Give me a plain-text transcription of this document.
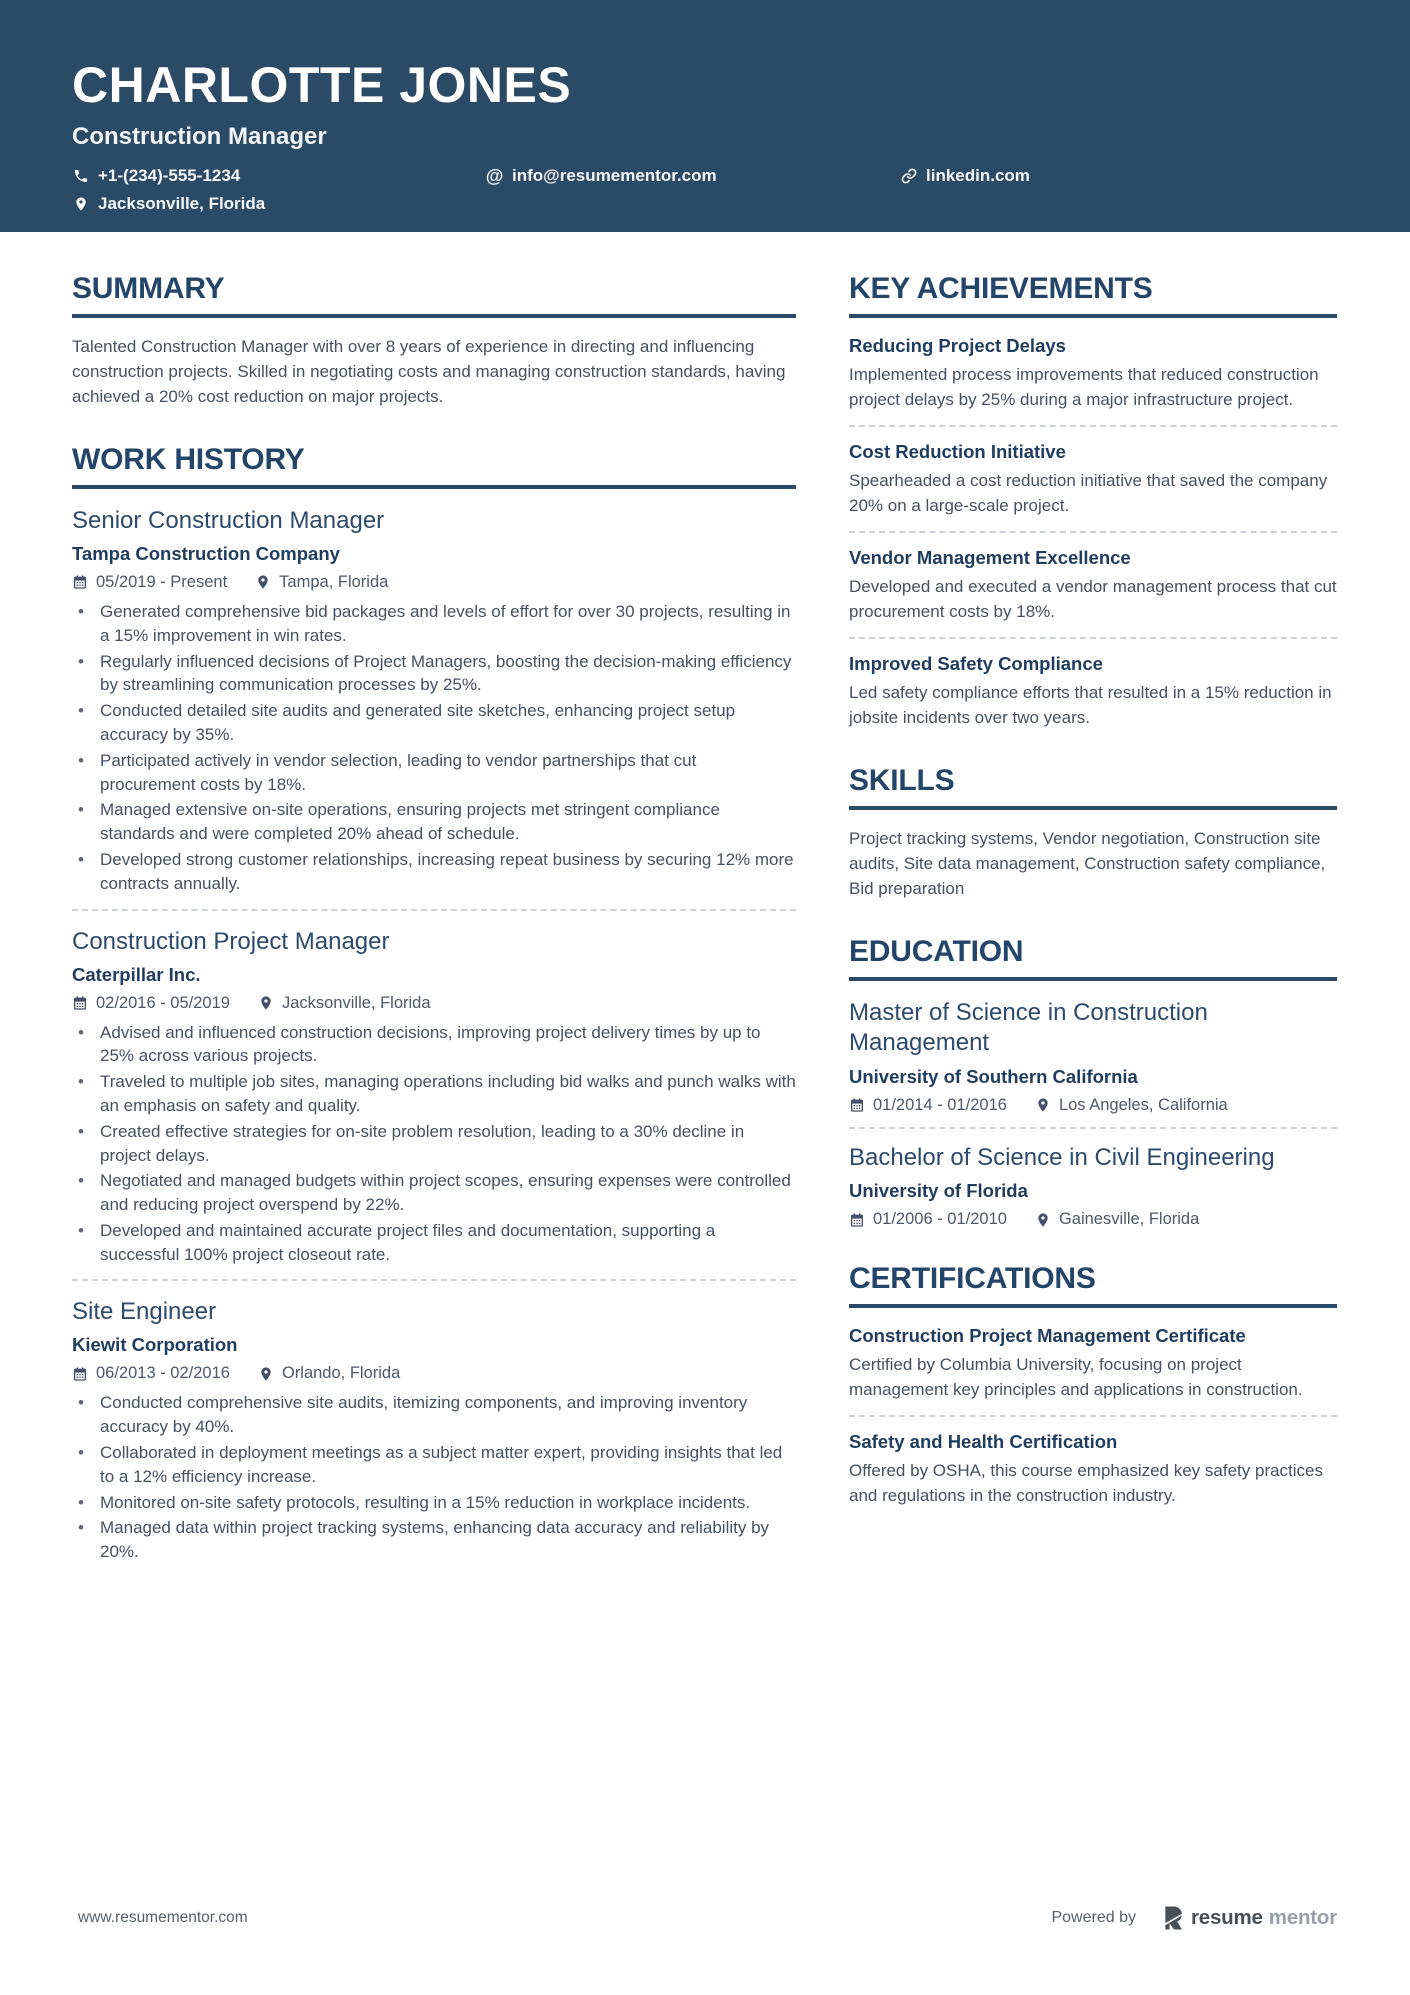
CHARLOTTE JONES
Construction Manager
+1-(234)-555-1234	@ info@resumementor.com	linkedin.com
Jacksonville, Florida
SUMMARY

Talented Construction Manager with over 8 years of experience in directing and influencing construction projects. Skilled in negotiating costs and managing construction standards, having achieved a 20% cost reduction on major projects.

WORK HISTORY
Senior Construction Manager
Tampa Construction Company
05/2019 - Present	Tampa, Florida
• Generated comprehensive bid packages and levels of effort for over 30 projects, resulting in a 15% improvement in win rates.
• Regularly influenced decisions of Project Managers, boosting the decision-making efficiency by streamlining communication processes by 25%.
• Conducted detailed site audits and generated site sketches, enhancing project setup accuracy by 35%.
• Participated actively in vendor selection, leading to vendor partnerships that cut procurement costs by 18%.
• Managed extensive on-site operations, ensuring projects met stringent compliance standards and were completed 20% ahead of schedule.
• Developed strong customer relationships, increasing repeat business by securing 12% more contracts annually.
Construction Project Manager
Caterpillar Inc.
02/2016 - 05/2019	Jacksonville, Florida
• Advised and influenced construction decisions, improving project delivery times by up to 25% across various projects.
• Traveled to multiple job sites, managing operations including bid walks and punch walks with an emphasis on safety and quality.
• Created effective strategies for on-site problem resolution, leading to a 30% decline in project delays.
• Negotiated and managed budgets within project scopes, ensuring expenses were controlled and reducing project overspend by 22%.
• Developed and maintained accurate project files and documentation, supporting a successful 100% project closeout rate.
Site Engineer
Kiewit Corporation
06/2013 - 02/2016	Orlando, Florida
• Conducted comprehensive site audits, itemizing components, and improving inventory accuracy by 40%.
• Collaborated in deployment meetings as a subject matter expert, providing insights that led to a 12% efficiency increase.
• Monitored on-site safety protocols, resulting in a 15% reduction in workplace incidents.
• Managed data within project tracking systems, enhancing data accuracy and reliability by 20%.
KEY ACHIEVEMENTS
Reducing Project Delays

Implemented process improvements that reduced construction project delays by 25% during a major infrastructure project.

Cost Reduction Initiative

Spearheaded a cost reduction initiative that saved the company 20% on a large-scale project.

Vendor Management Excellence

Developed and executed a vendor management process that cut procurement costs by 18%.

Improved Safety Compliance

Led safety compliance efforts that resulted in a 15% reduction in jobsite incidents over two years.

SKILLS

Project tracking systems, Vendor negotiation, Construction site audits, Site data management, Construction safety compliance, Bid preparation

EDUCATION
Master of Science in Construction Management
University of Southern California
01/2014 - 01/2016	Los Angeles, California
Bachelor of Science in Civil Engineering
University of Florida
01/2006 - 01/2010	Gainesville, Florida
CERTIFICATIONS
Construction Project Management Certificate

Certified by Columbia University, focusing on project management key principles and applications in construction.

Safety and Health Certification

Offered by OSHA, this course emphasized key safety practices and regulations in the construction industry.

www.resumementor.com	Powered by	resume mentor
